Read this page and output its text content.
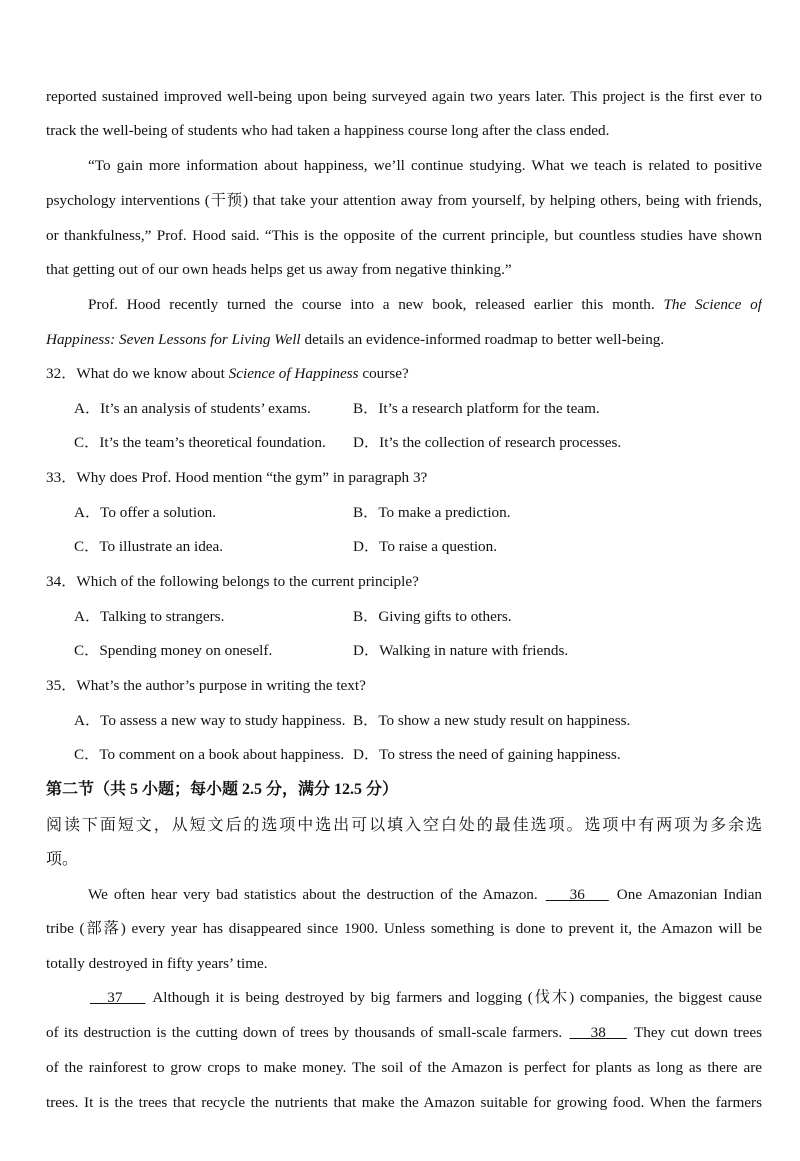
reported sustained improved well-being upon being surveyed again two years later. This project is the first ever to
track the well-being of students who had taken a happiness course long after the class ended.
“To gain more information about happiness, we’ll continue studying. What we teach is related to positive
psychology interventions (干预) that take your attention away from yourself, by helping others, being with friends,
or thankfulness,” Prof. Hood said. “This is the opposite of the current principle, but countless studies have shown
that getting out of our own heads helps get us away from negative thinking.”
Prof. Hood recently turned the course into a new book, released earlier this month. The Science of
Happiness: Seven Lessons for Living Well details an evidence-informed roadmap to better well-being.
32．What do we know about Science of Happiness course?
A．It’s an analysis of students’ exams.	B．It’s a research platform for the team.
C．It’s the team’s theoretical foundation. D．It’s the collection of research processes.
33．Why does Prof. Hood mention “the gym” in paragraph 3?
A．To offer a solution.	B．To make a prediction.
C．To illustrate an idea.	D．To raise a question.
34．Which of the following belongs to the current principle?
A．Talking to strangers.	B．Giving gifts to others.
C．Spending money on oneself.	D．Walking in nature with friends.
35．What’s the author’s purpose in writing the text?
A．To assess a new way to study happiness. B．To show a new study result on happiness.
C．To comment on a book about happiness. D．To stress the need of gaining happiness.
第二节（共 5 小题；每小题 2.5 分，满分 12.5 分）
阅读下面短文，从短文后的选项中选出可以填入空白处的最佳选项。选项中有两项为多余选
项。
We often hear very bad statistics about the destruction of the Amazon. 36 One Amazonian Indian
tribe (部落) every year has disappeared since 1900. Unless something is done to prevent it, the Amazon will be
totally destroyed in fifty years’ time.
37 Although it is being destroyed by big farmers and logging (伐木) companies, the biggest cause
of its destruction is the cutting down of trees by thousands of small-scale farmers. 38 They cut down trees
of the rainforest to grow crops to make money. The soil of the Amazon is perfect for plants as long as there are
trees. It is the trees that recycle the nutrients that make the Amazon suitable for growing food. When the farmers
